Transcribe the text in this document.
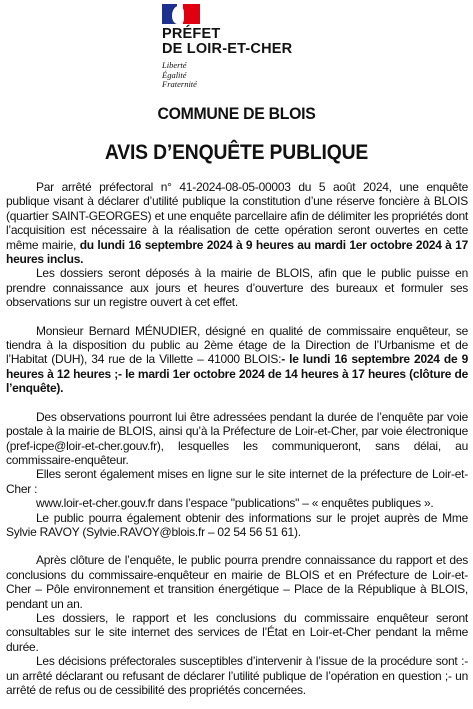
PRÉFET
DE LOIR-ET-CHER
Liberté
Égalité
Fraternité
COMMUNE DE BLOIS
AVIS D’ENQUÊTE PUBLIQUE

Par arrêté préfectoral n° 41-2024-08-05-00003 du 5 août 2024, une enquête publique visant à déclarer d’utilité publique la constitution d’une réserve foncière à BLOIS (quartier SAINT-GEORGES) et une enquête parcellaire afin de délimiter les propriétés dont l’acquisition est nécessaire à la réalisation de cette opération seront ouvertes en cette même mairie, du lundi 16 septembre 2024 à 9 heures au mardi 1er octobre 2024 à 17 heures inclus.

Les dossiers seront déposés à la mairie de BLOIS, afin que le public puisse en prendre connaissance aux jours et heures d’ouverture des bureaux et formuler ses observations sur un registre ouvert à cet effet.

Monsieur Bernard MÉNUDIER, désigné en qualité de commissaire enquêteur, se tiendra à la disposition du public au 2ème étage de la Direction de l’Urbanisme et de l’Habitat (DUH), 34 rue de la Villette – 41000 BLOIS:- le lundi 16 septembre 2024 de 9 heures à 12 heures ;- le mardi 1er octobre 2024 de 14 heures à 17 heures (clôture de l’enquête).

Des observations pourront lui être adressées pendant la durée de l’enquête par voie postale à la mairie de BLOIS, ainsi qu’à la Préfecture de Loir-et-Cher, par voie électronique (pref-icpe@loir-et-cher.gouv.fr), lesquelles les communiqueront, sans délai, au commissaire-enquêteur.

Elles seront également mises en ligne sur le site internet de la préfecture de Loir-et-Cher :

www.loir-et-cher.gouv.fr dans l’espace "publications" – « enquêtes publiques ».

Le public pourra également obtenir des informations sur le projet auprès de Mme Sylvie RAVOY (Sylvie.RAVOY@blois.fr – 02 54 56 51 61).

Après clôture de l’enquête, le public pourra prendre connaissance du rapport et des conclusions du commissaire-enquêteur en mairie de BLOIS et en Préfecture de Loir-et-Cher – Pôle environnement et transition énergétique – Place de la République à BLOIS, pendant un an.

Les dossiers, le rapport et les conclusions du commissaire enquêteur seront consultables sur le site internet des services de l’État en Loir-et-Cher pendant la même durée.

Les décisions préfectorales susceptibles d’intervenir à l’issue de la procédure sont :- un arrêté déclarant ou refusant de déclarer l’utilité publique de l’opération en question ;- un arrêté de refus ou de cessibilité des propriétés concernées.
